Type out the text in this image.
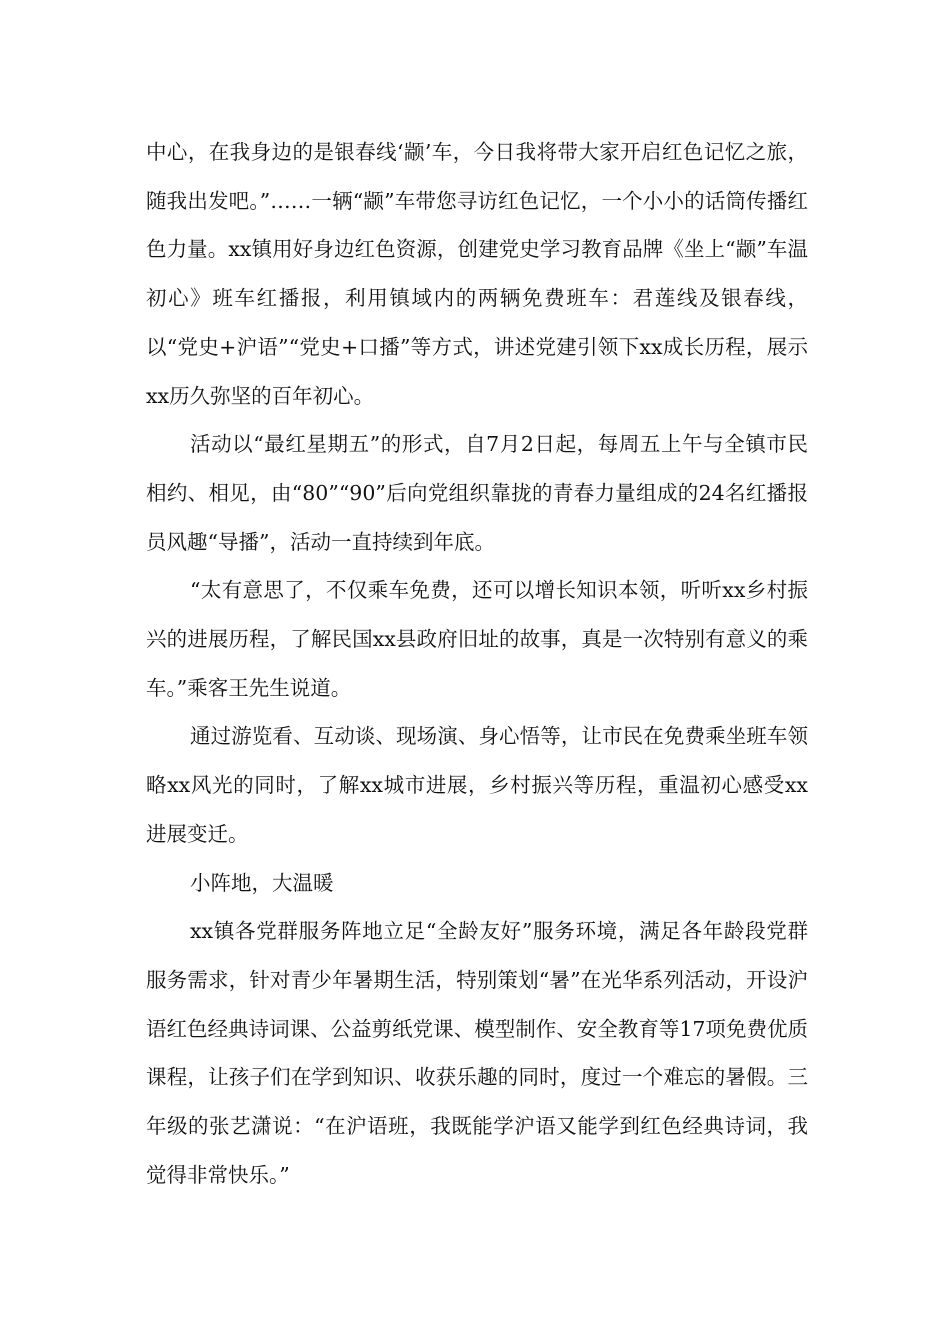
中心，在我身边的是银春线‘颛’车，今日我将带大家开启红色记忆之旅，随我出发吧。”……一辆“颛”车带您寻访红色记忆，一个小小的话筒传播红色力量。xx镇用好身边红色资源，创建党史学习教育品牌《坐上“颛”车温初心》班车红播报，利用镇域内的两辆免费班车：君莲线及银春线，以“党史+沪语”“党史+口播”等方式，讲述党建引领下xx成长历程，展示xx历久弥坚的百年初心。

活动以“最红星期五”的形式，自7月2日起，每周五上午与全镇市民相约、相见，由“80”“90”后向党组织靠拢的青春力量组成的24名红播报员风趣“导播”，活动一直持续到年底。

“太有意思了，不仅乘车免费，还可以增长知识本领，听听xx乡村振兴的进展历程，了解民国xx县政府旧址的故事，真是一次特别有意义的乘车。”乘客王先生说道。

通过游览看、互动谈、现场演、身心悟等，让市民在免费乘坐班车领略xx风光的同时，了解xx城市进展，乡村振兴等历程，重温初心感受xx进展变迁。

小阵地，大温暖

xx镇各党群服务阵地立足“全龄友好”服务环境，满足各年龄段党群服务需求，针对青少年暑期生活，特别策划“暑”在光华系列活动，开设沪语红色经典诗词课、公益剪纸党课、模型制作、安全教育等17项免费优质课程，让孩子们在学到知识、收获乐趣的同时，度过一个难忘的暑假。三年级的张艺潇说：“在沪语班，我既能学沪语又能学到红色经典诗词，我觉得非常快乐。”
